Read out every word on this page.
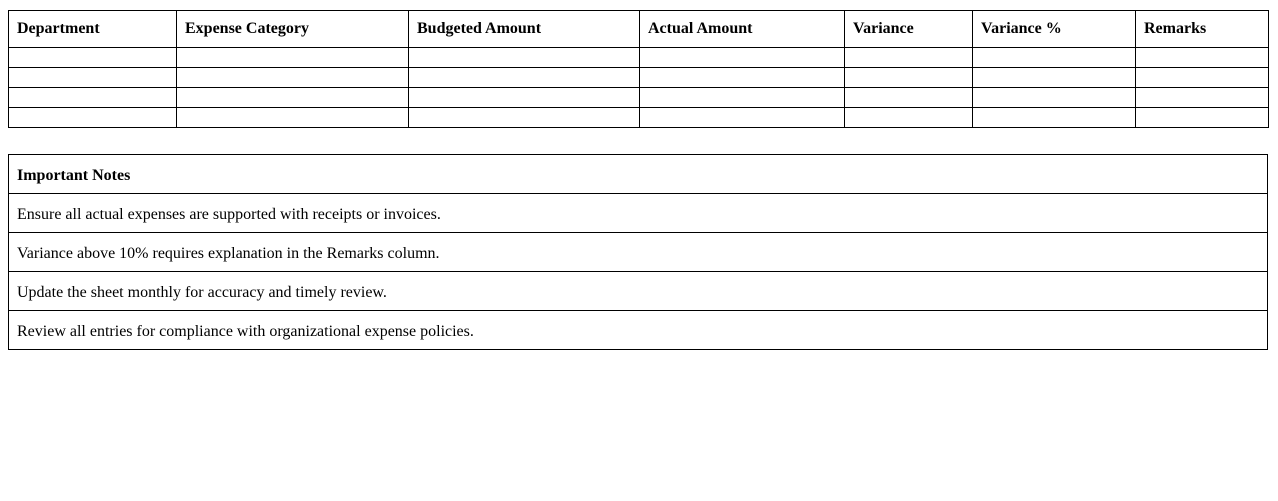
Department	Expense Category	Budgeted Amount	Actual Amount	Variance	Variance %	Remarks

Important Notes
Ensure all actual expenses are supported with receipts or invoices.
Variance above 10% requires explanation in the Remarks column.
Update the sheet monthly for accuracy and timely review.
Review all entries for compliance with organizational expense policies.
